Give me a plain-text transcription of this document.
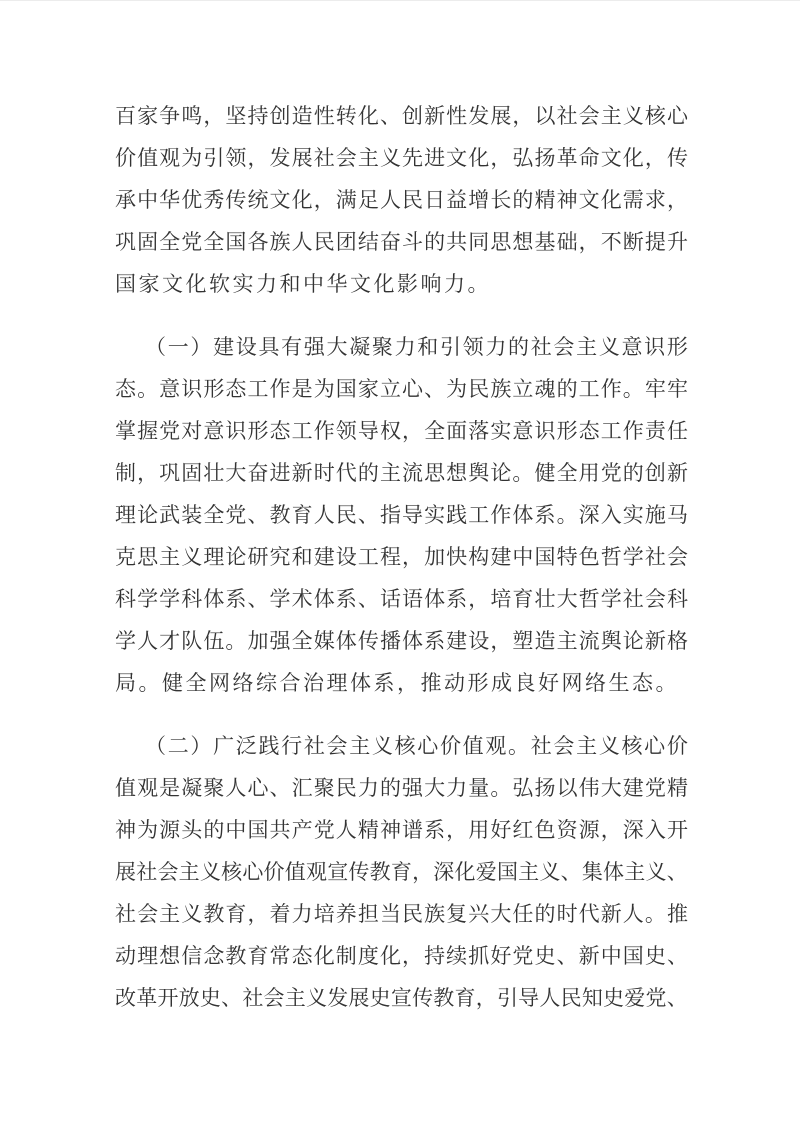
百 家 争 鸣 ， 坚 持 创 造 性 转 化 、 创 新 性 发 展 ， 以 社 会 主 义 核 心
价 值 观 为 引 领 ， 发 展 社 会 主 义 先 进 文 化 ， 弘 扬 革 命 文 化 ， 传
承 中 华 优 秀 传 统 文 化 ， 满 足 人 民 日 益 增 长 的 精 神 文 化 需 求 ，
巩 固 全 党 全 国 各 族 人 民 团 结 奋 斗 的 共 同 思 想 基 础 ， 不 断 提 升
国家文化软实力和中华文化影响力。
（ 一 ） 建 设 具 有 强 大 凝 聚 力 和 引 领 力 的 社 会 主 义 意 识 形
态 。 意 识 形 态 工 作 是 为 国 家 立 心 、 为 民 族 立 魂 的 工 作 。 牢 牢
掌 握 党 对 意 识 形 态 工 作 领 导 权 ， 全 面 落 实 意 识 形 态 工 作 责 任
制 ， 巩 固 壮 大 奋 进 新 时 代 的 主 流 思 想 舆 论 。 健 全 用 党 的 创 新
理 论 武 装 全 党 、 教 育 人 民 、 指 导 实 践 工 作 体 系 。 深 入 实 施 马
克 思 主 义 理 论 研 究 和 建 设 工 程 ， 加 快 构 建 中 国 特 色 哲 学 社 会
科 学 学 科 体 系 、 学 术 体 系 、 话 语 体 系 ， 培 育 壮 大 哲 学 社 会 科
学 人 才 队 伍 。 加 强 全 媒 体 传 播 体 系 建 设 ， 塑 造 主 流 舆 论 新 格
局。健全网络综合治理体系，推动形成良好网络生态。
（ 二 ） 广 泛 践 行 社 会 主 义 核 心 价 值 观 。 社 会 主 义 核 心 价
值 观 是 凝 聚 人 心 、 汇 聚 民 力 的 强 大 力 量 。 弘 扬 以 伟 大 建 党 精
神 为 源 头 的 中 国 共 产 党 人 精 神 谱 系 ， 用 好 红 色 资 源 ， 深 入 开
展 社 会 主 义 核 心 价 值 观 宣 传 教 育 ， 深 化 爱 国 主 义 、 集 体 主 义 、
社 会 主 义 教 育 ， 着 力 培 养 担 当 民 族 复 兴 大 任 的 时 代 新 人 。 推
动 理 想 信 念 教 育 常 态 化 制 度 化 ， 持 续 抓 好 党 史 、 新 中 国 史 、
改 革 开 放 史 、 社 会 主 义 发 展 史 宣 传 教 育 ， 引 导 人 民 知 史 爱 党 、
